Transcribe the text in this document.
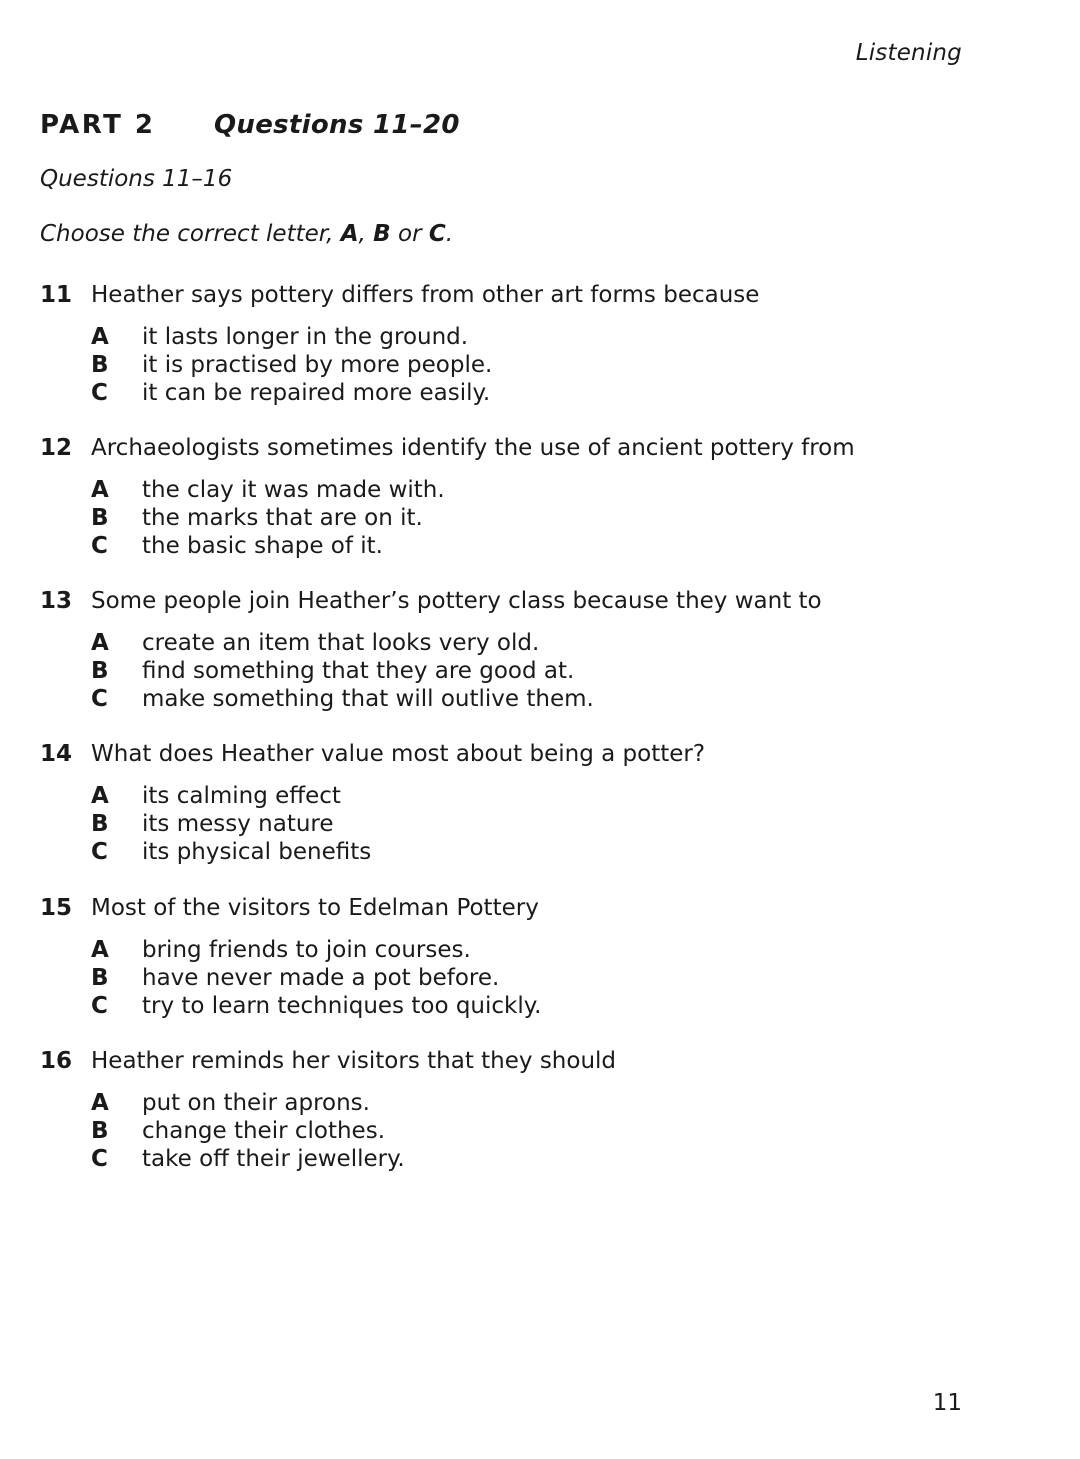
Listening
PART 2 Questions 11–20
Questions 11–16
Choose the correct letter, A, B or C.
11 Heather says pottery differs from other art forms because
A it lasts longer in the ground.
B it is practised by more people.
C it can be repaired more easily.
12 Archaeologists sometimes identify the use of ancient pottery from
A the clay it was made with.
B the marks that are on it.
C the basic shape of it.
13 Some people join Heather’s pottery class because they want to
A create an item that looks very old.
B find something that they are good at.
C make something that will outlive them.
14 What does Heather value most about being a potter?
A its calming effect
B its messy nature
C its physical benefits
15 Most of the visitors to Edelman Pottery
A bring friends to join courses.
B have never made a pot before.
C try to learn techniques too quickly.
16 Heather reminds her visitors that they should
A put on their aprons.
B change their clothes.
C take off their jewellery.
11
